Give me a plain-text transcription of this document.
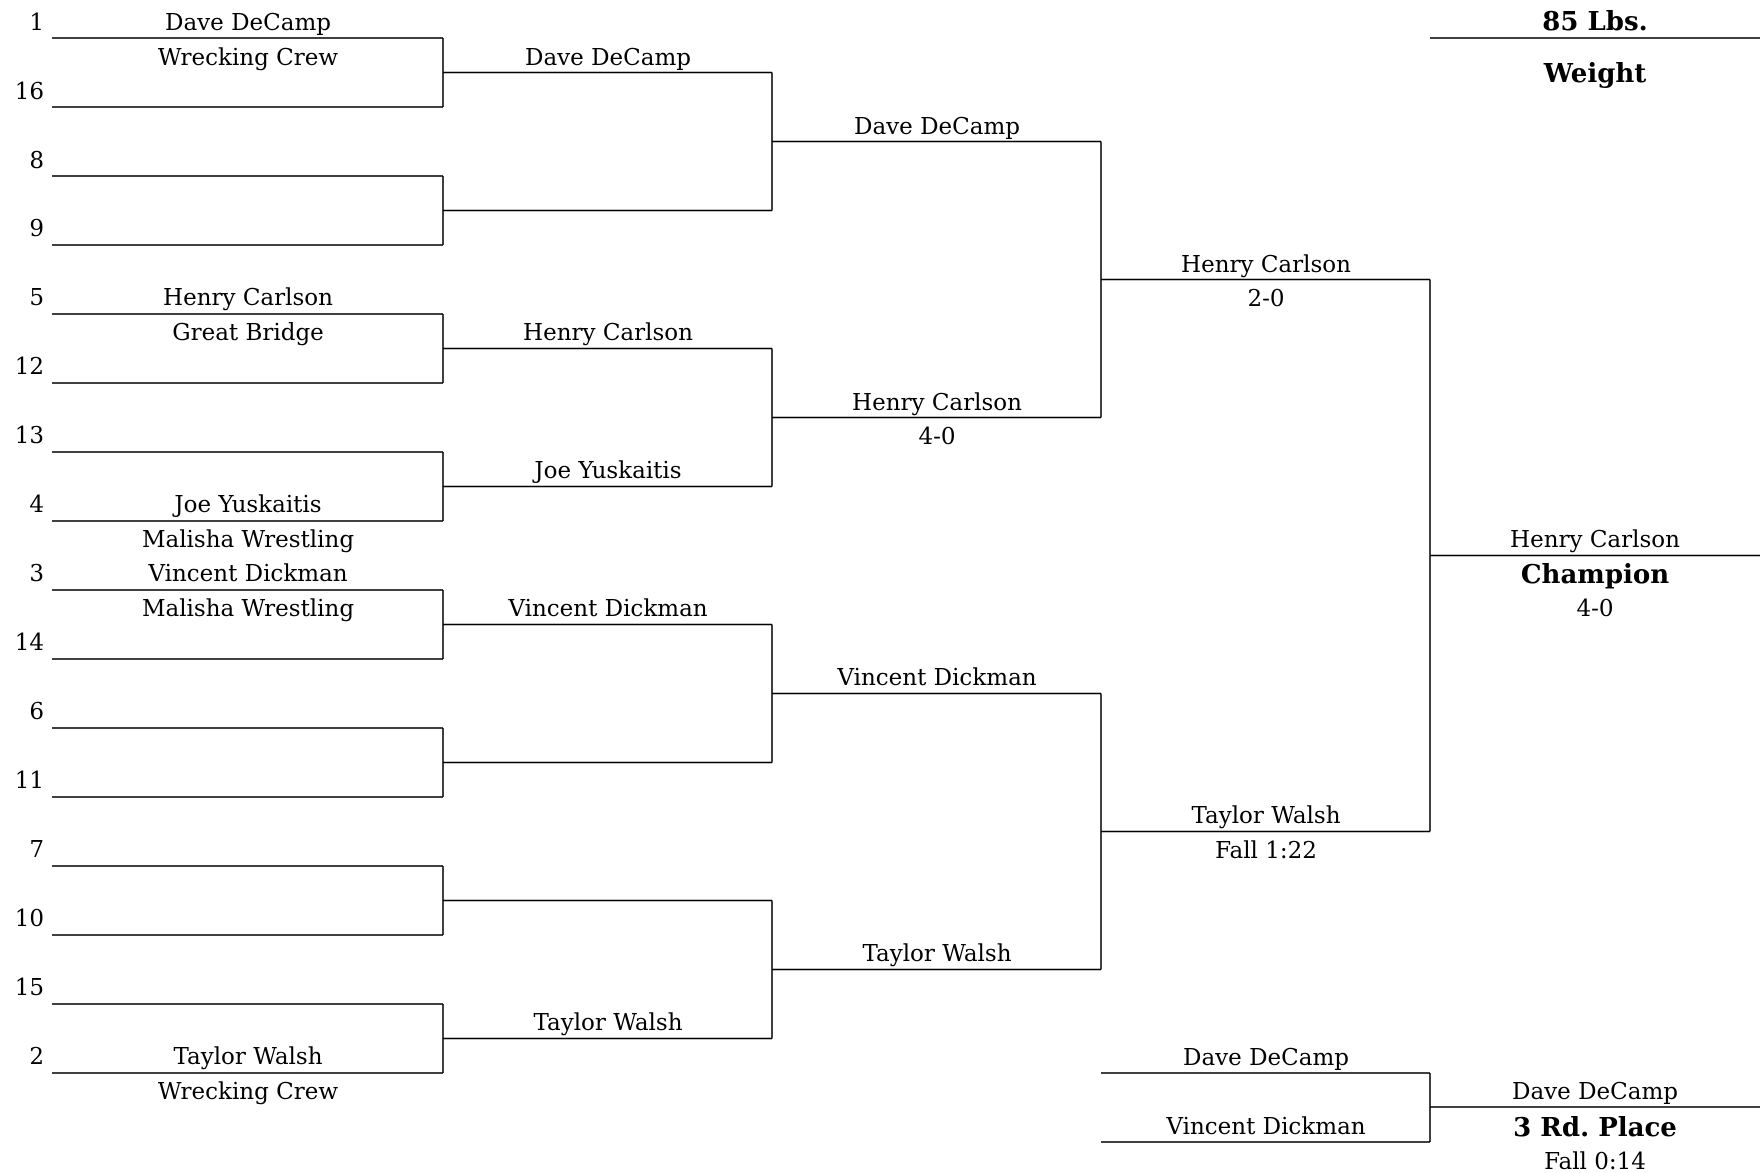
1
16
8
9
5
12
13
4
3
14
6
11
7
10
15
2
Dave DeCamp
Wrecking Crew
Henry Carlson
Great Bridge
Joe Yuskaitis
Malisha Wrestling
Vincent Dickman
Malisha Wrestling
Taylor Walsh
Wrecking Crew
Dave DeCamp
Henry Carlson
Joe Yuskaitis
Vincent Dickman
Taylor Walsh
Dave DeCamp
Henry Carlson
4-0
Vincent Dickman
Taylor Walsh
Henry Carlson
2-0
Taylor Walsh
Fall 1:22
Henry Carlson
Champion
4-0
85 Lbs.
Weight
Dave DeCamp
Vincent Dickman
Dave DeCamp
3 Rd. Place
Fall 0:14
